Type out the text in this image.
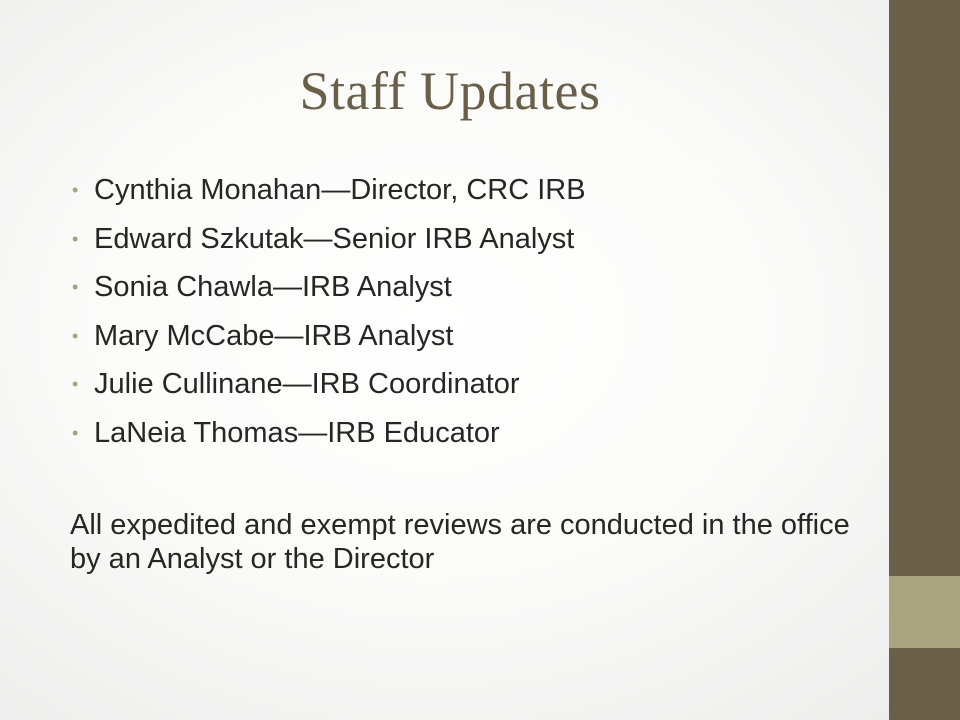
Staff Updates
• Cynthia Monahan—Director, CRC IRB
• Edward Szkutak—Senior IRB Analyst
• Sonia Chawla—IRB Analyst
• Mary McCabe—IRB Analyst
• Julie Cullinane—IRB Coordinator
• LaNeia Thomas—IRB Educator

All expedited and exempt reviews are conducted in the office by an Analyst or the Director
